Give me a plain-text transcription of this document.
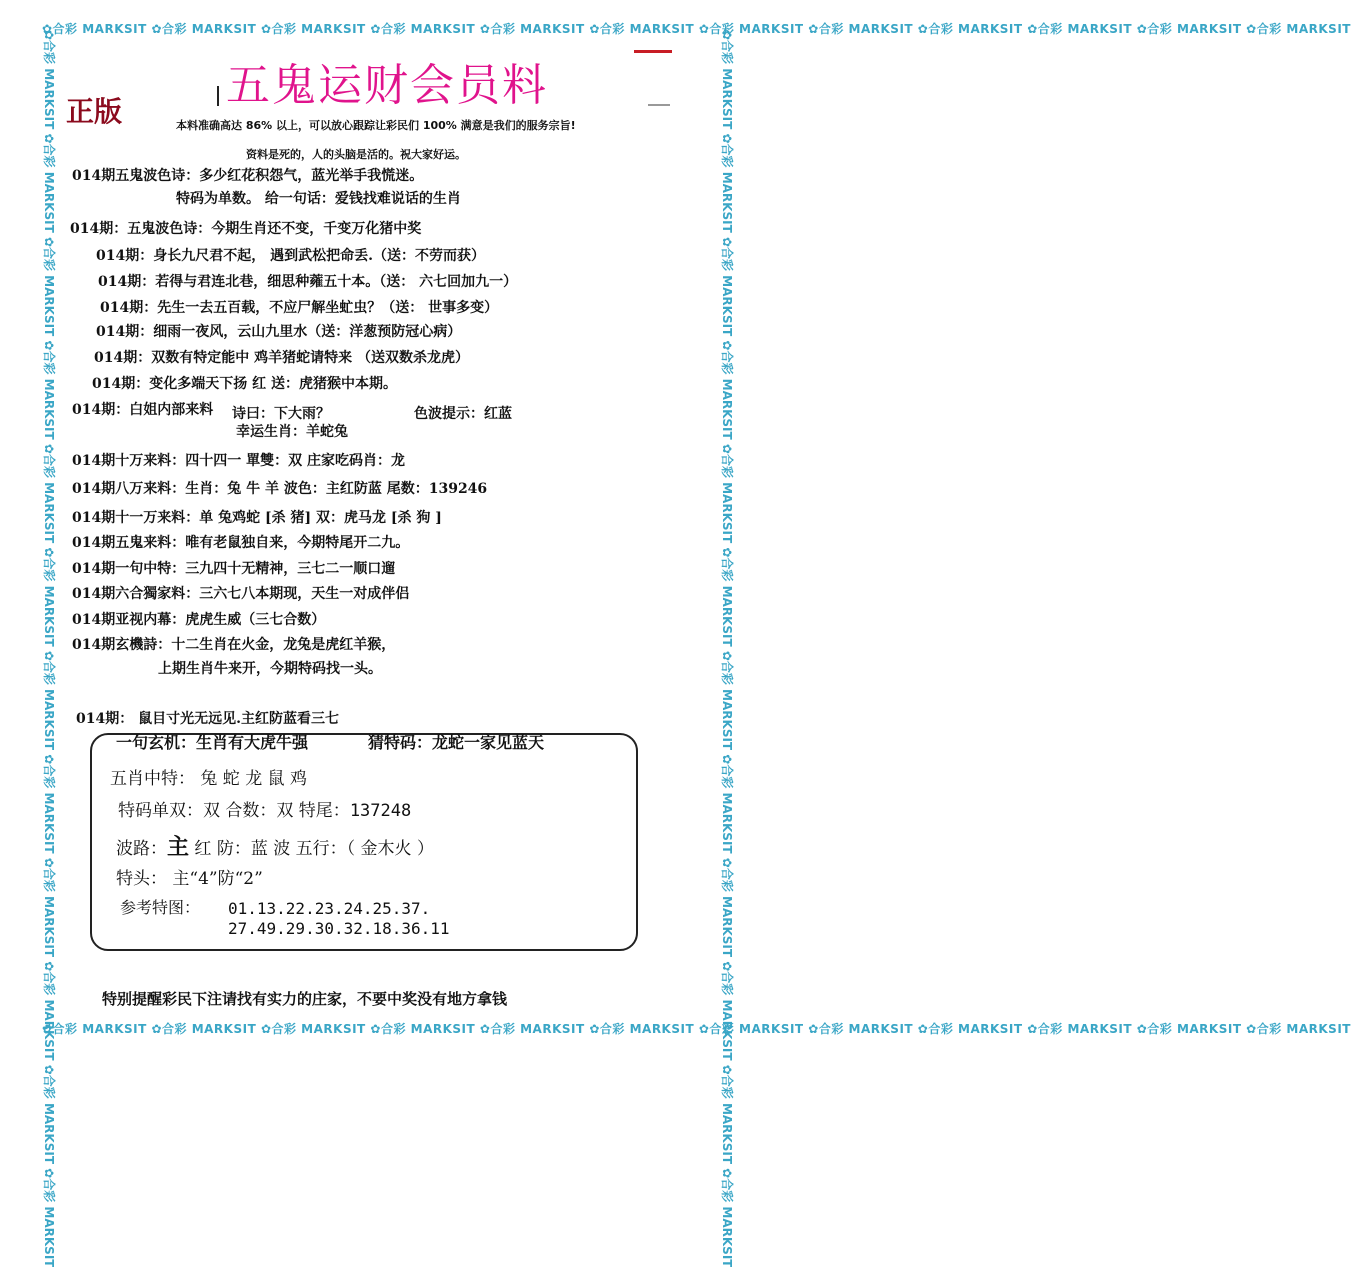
✿合彩 MARKSIT ✿合彩 MARKSIT ✿合彩 MARKSIT ✿合彩 MARKSIT ✿合彩 MARKSIT ✿合彩 MARKSIT ✿合彩 MARKSIT ✿合彩 MARKSIT ✿合彩 MARKSIT ✿合彩 MARKSIT ✿合彩 MARKSIT ✿合彩 MARKSIT
✿合彩 MARKSIT ✿合彩 MARKSIT ✿合彩 MARKSIT ✿合彩 MARKSIT ✿合彩 MARKSIT ✿合彩 MARKSIT ✿合彩 MARKSIT ✿合彩 MARKSIT ✿合彩 MARKSIT ✿合彩 MARKSIT ✿合彩 MARKSIT ✿合彩 MARKSIT
✿合彩 MARKSIT ✿合彩 MARKSIT ✿合彩 MARKSIT ✿合彩 MARKSIT ✿合彩 MARKSIT ✿合彩 MARKSIT ✿合彩 MARKSIT ✿合彩 MARKSIT ✿合彩 MARKSIT ✿合彩 MARKSIT ✿合彩 MARKSIT ✿合彩 MARKSIT	✿合彩 MARKSIT ✿合彩 MARKSIT ✿合彩 MARKSIT ✿合彩 MARKSIT ✿合彩 MARKSIT ✿合彩 MARKSIT ✿合彩 MARKSIT ✿合彩 MARKSIT ✿合彩 MARKSIT ✿合彩 MARKSIT ✿合彩 MARKSIT ✿合彩 MARKSIT
五鬼运财会员料
正版	本料准确高达 86% 以上，可以放心跟踪让彩民们 100% 满意是我们的服务宗旨!
资料是死的，人的头脑是活的。祝大家好运。
014期五鬼波色诗：多少红花积怨气，蓝光举手我慌迷。
特码为单数。 给一句话：爱钱找难说话的生肖
014期：五鬼波色诗：今期生肖还不变，千变万化猪中奖
014期：身长九尺君不起， 遇到武松把命丢.（送：不劳而获）
014期：若得与君连北巷，细思种蕹五十本。（送： 六七回加九一）
014期：先生一去五百载，不应尸解坐虻虫？（送： 世事多变）
014期：细雨一夜风，云山九里水（送：洋葱预防冠心病）
014期：双数有特定能中 鸡羊猪蛇请特来 （送双数杀龙虎）
014期：变化多端天下扬 红 送：虎猪猴中本期。
014期：白姐内部来料 诗曰：下大雨？	色波提示：红蓝
幸运生肖：羊蛇兔
014期十万来料：四十四一 單雙：双 庄家吃码肖：龙
014期八万来料：生肖：兔 牛 羊 波色：主红防蓝 尾数：139246
014期十一万来料：单 兔鸡蛇 [杀 猪] 双：虎马龙 [杀 狗 ]
014期五鬼来料：唯有老鼠独自来，今期特尾开二九。
014期一句中特：三九四十无精神，三七二一顺口遛
014期六合獨家料：三六七八本期现，天生一对成伴侣
014期亚视内幕：虎虎生威（三七合数）
014期玄機詩：十二生肖在火金，龙兔是虎红羊猴，
上期生肖牛来开，今期特码找一头。
014期： 鼠目寸光无远见.主红防蓝看三七
一句玄机：生肖有大虎牛强	猜特码：龙蛇一家见蓝天
五肖中特： 兔 蛇 龙 鼠 鸡
特码单双：双 合数：双 特尾：137248
波路：主 红 防：蓝 波 五行：（ 金木火 ）
特头： 主“4”防“2”
参考特图： 01.13.22.23.24.25.37.
27.49.29.30.32.18.36.11
特别提醒彩民下注请找有实力的庄家，不要中奖没有地方拿钱
